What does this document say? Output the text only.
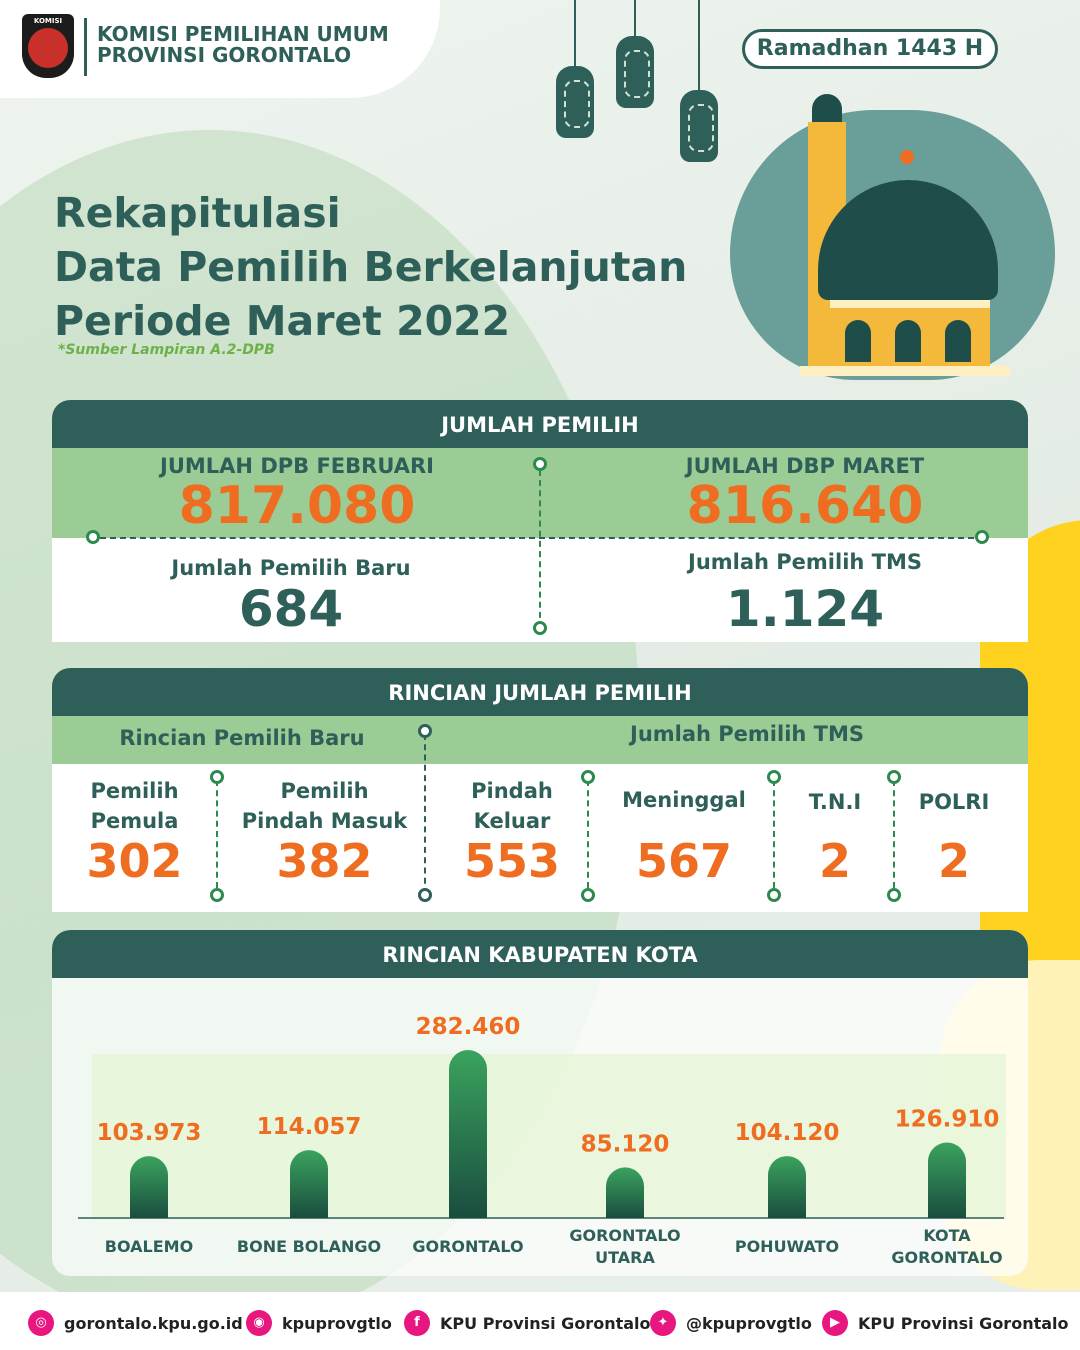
KOMISI
KOMISI PEMILIHAN UMUM
PROVINSI GORONTALO	Ramadhan 1443 H
Rekapitulasi
Data Pemilih Berkelanjutan
Periode Maret 2022
*Sumber Lampiran A.2-DPB
JUMLAH PEMILIH
JUMLAH DPB FEBRUARI
817.080
JUMLAH DBP MARET
816.640
Jumlah Pemilih Baru
684
Jumlah Pemilih TMS
1.124
RINCIAN JUMLAH PEMILIH
Rincian Pemilih Baru	Jumlah Pemilih TMS
Pemilih
Pemula
302
Pemilih
Pindah Masuk
382
Pindah
Keluar
553
Meninggal
567
T.N.I
2
POLRI
2
RINCIAN KABUPATEN KOTA
103.973
BOALEMO
114.057
BONE BOLANGO
282.460
GORONTALO
85.120
GORONTALO
UTARA
104.120
POHUWATO
126.910
KOTA
GORONTALO
◎	gorontalo.kpu.go.id ◉	kpuprovgtlo	f	KPU Provinsi Gorontalo ✦	@kpuprovgtlo	▶	KPU Provinsi Gorontalo
